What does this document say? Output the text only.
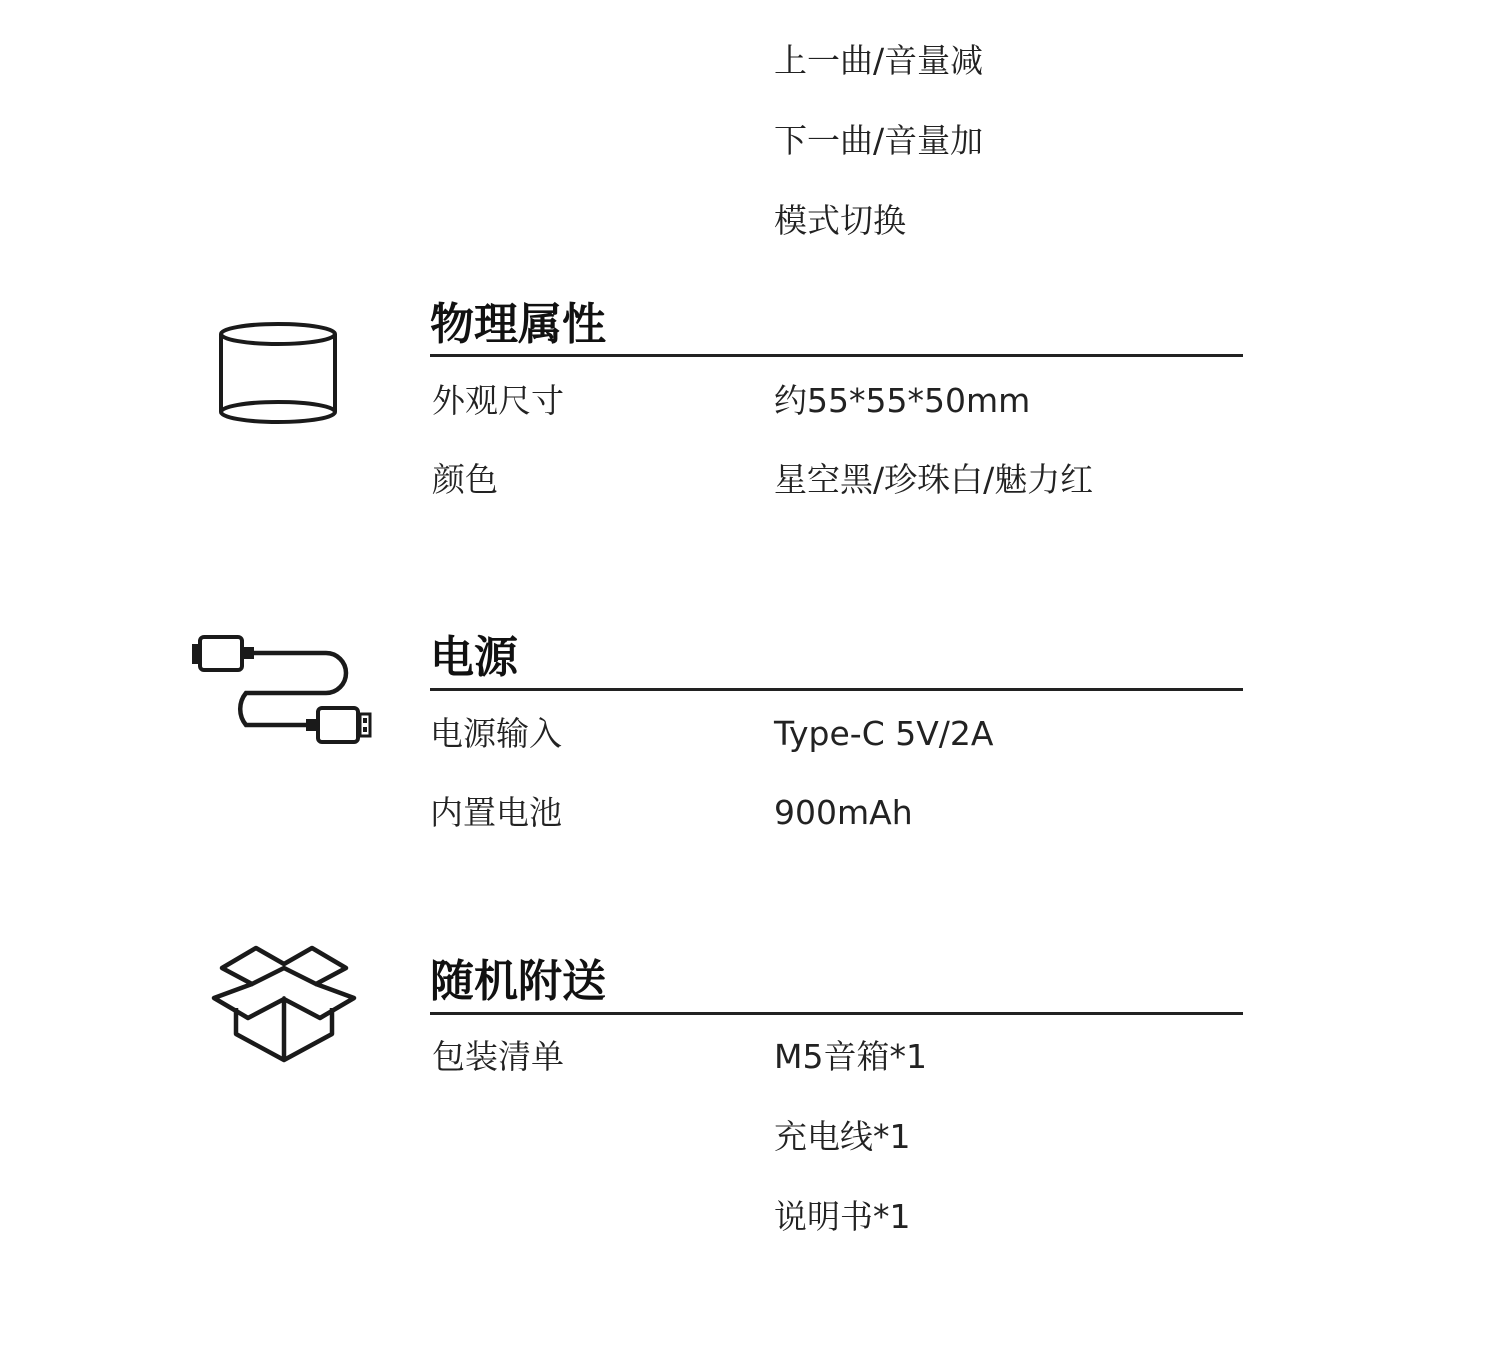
上一曲/音量减
下一曲/音量加
模式切换
物理属性
外观尺寸	约55*55*50mm
颜色	星空黑/珍珠白/魅力红
电源
电源输入	Type-C 5V/2A
内置电池	900mAh
随机附送
包装清单	M5音箱*1
充电线*1
说明书*1
